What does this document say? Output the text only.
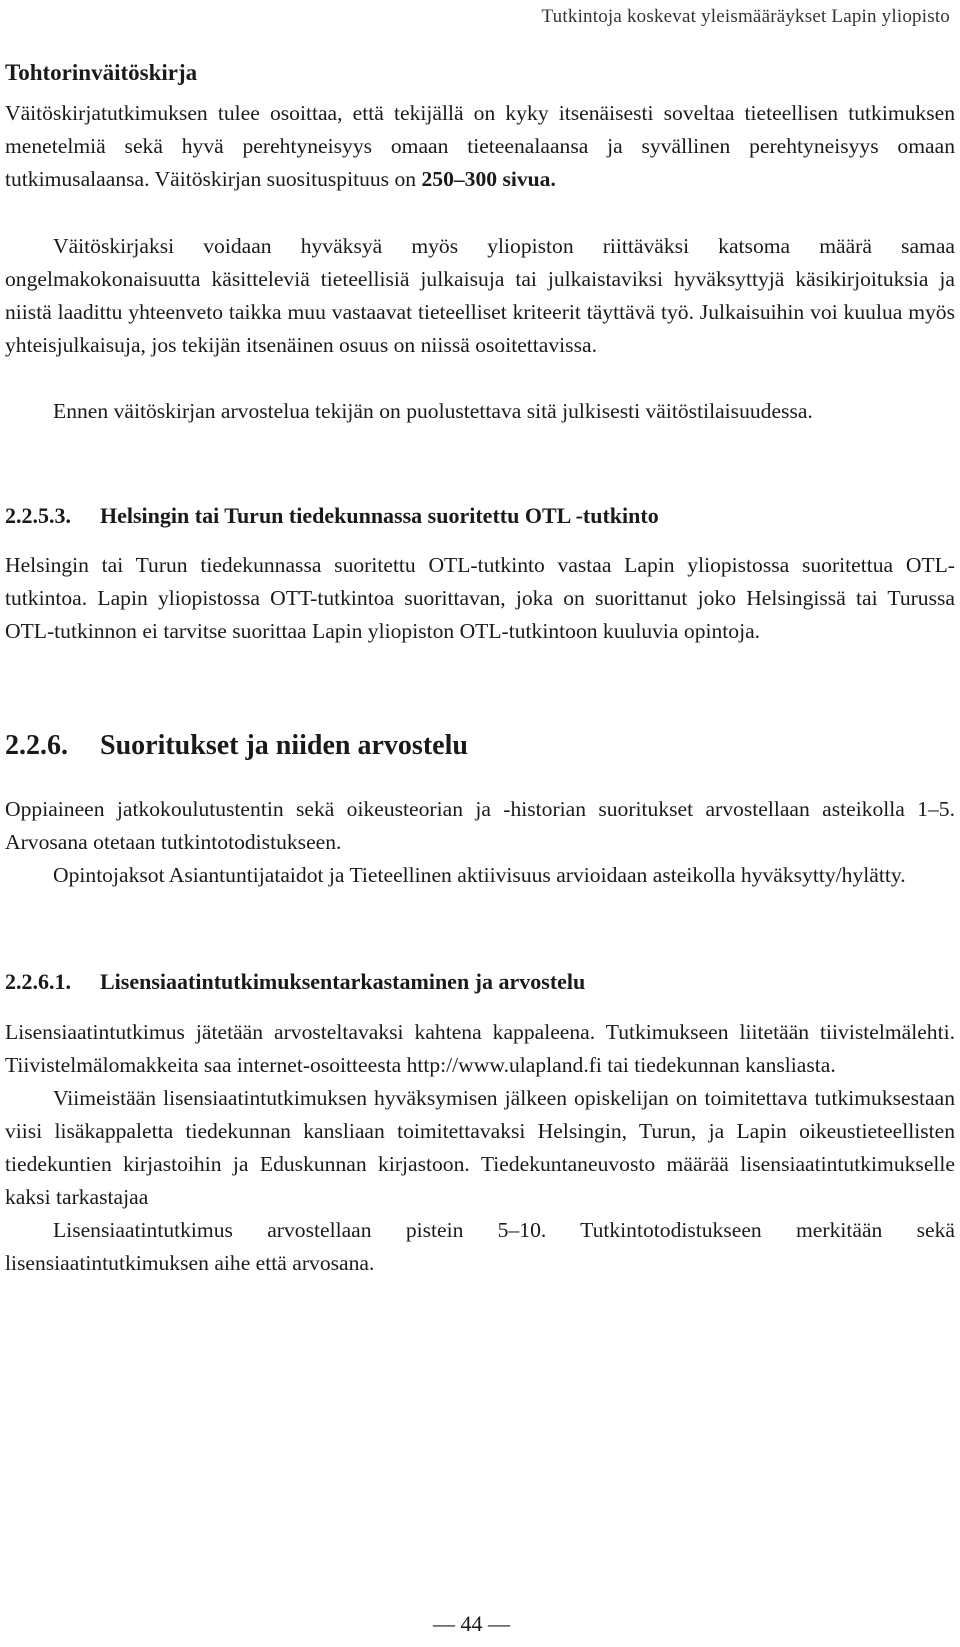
Tutkintoja koskevat yleismääräykset Lapin yliopisto
Tohtorinväitöskirja

Väitöskirjatutkimuksen tulee osoittaa, että tekijällä on kyky itsenäisesti soveltaa tieteellisen tutkimuksen menetelmiä sekä hyvä perehtyneisyys omaan tieteenalaansa ja syvällinen perehtyneisyys omaan tutkimusalaansa. Väitöskirjan suosituspituus on 250–300 sivua.

Väitöskirjaksi voidaan hyväksyä myös yliopiston riittäväksi katsoma määrä samaa ongelmakokonaisuutta käsitteleviä tieteellisiä julkaisuja tai julkaistaviksi hyväksyttyjä käsikirjoituksia ja niistä laadittu yhteenveto taikka muu vastaavat tieteelliset kriteerit täyttävä työ. Julkaisuihin voi kuulua myös yhteisjulkaisuja, jos tekijän itsenäinen osuus on niissä osoitettavissa.

Ennen väitöskirjan arvostelua tekijän on puolustettava sitä julkisesti väitöstilaisuudessa.

2.2.5.3. Helsingin tai Turun tiedekunnassa suoritettu OTL -tutkinto

Helsingin tai Turun tiedekunnassa suoritettu OTL-tutkinto vastaa Lapin yliopistossa suoritettua OTL-tutkintoa. Lapin yliopistossa OTT-tutkintoa suorittavan, joka on suorittanut joko Helsingissä tai Turussa OTL-tutkinnon ei tarvitse suorittaa Lapin yliopiston OTL-tutkintoon kuuluvia opintoja.

2.2.6. Suoritukset ja niiden arvostelu

Oppiaineen jatkokoulutustentin sekä oikeusteorian ja -historian suoritukset arvostellaan asteikolla 1–5. Arvosana otetaan tutkintotodistukseen.

Opintojaksot Asiantuntijataidot ja Tieteellinen aktiivisuus arvioidaan asteikolla hyväksytty/hylätty.

2.2.6.1. Lisensiaatintutkimuksentarkastaminen ja arvostelu

Lisensiaatintutkimus jätetään arvosteltavaksi kahtena kappaleena. Tutkimukseen liitetään tiivistelmälehti. Tiivistelmälomakkeita saa internet-osoitteesta http://www.ulapland.fi tai tiedekunnan kansliasta.

Viimeistään lisensiaatintutkimuksen hyväksymisen jälkeen opiskelijan on toimitettava tutkimuksestaan viisi lisäkappaletta tiedekunnan kansliaan toimitettavaksi Helsingin, Turun, ja Lapin oikeustieteellisten tiedekuntien kirjastoihin ja Eduskunnan kirjastoon. Tiedekuntaneuvosto määrää lisensiaatintutkimukselle kaksi tarkastajaa

Lisensiaatintutkimus arvostellaan pistein 5–10. Tutkintotodistukseen merkitään sekä lisensiaatintutkimuksen aihe että arvosana.

— 44 —
